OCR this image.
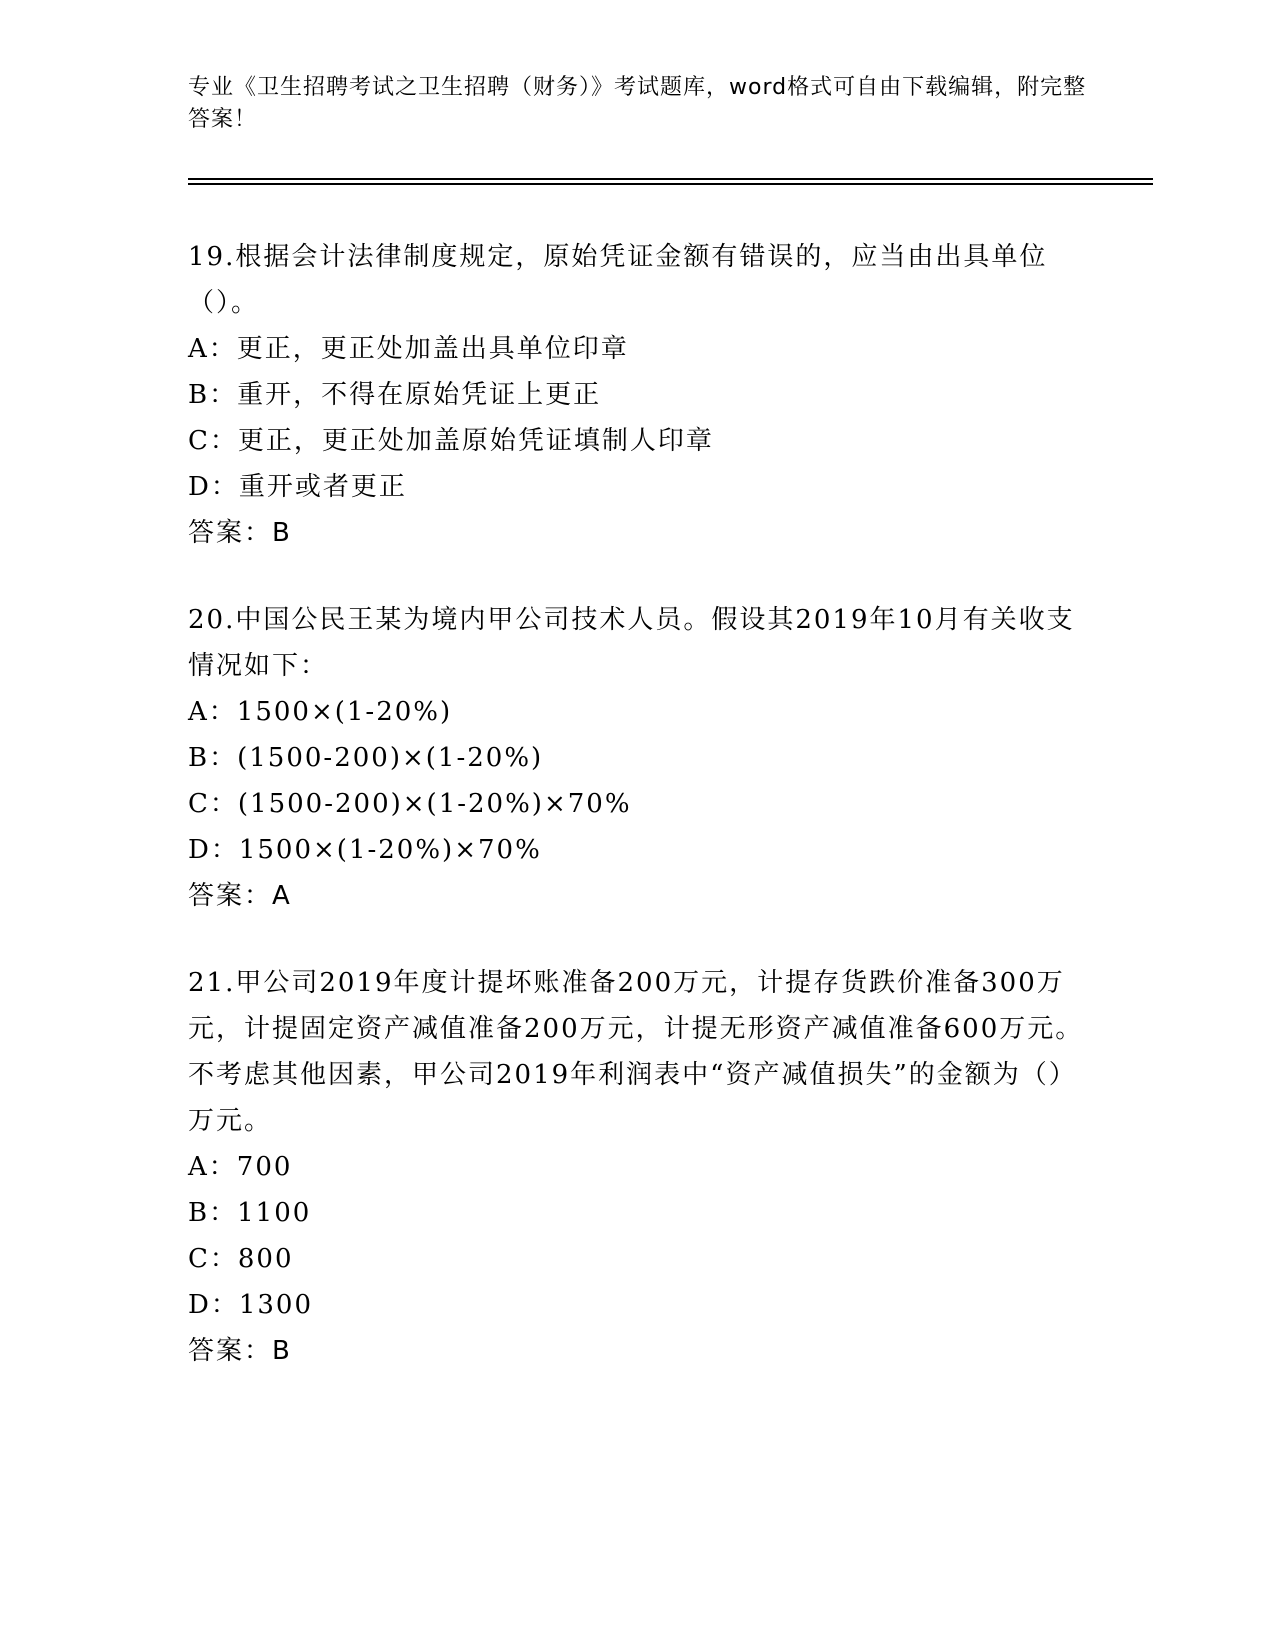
专业《卫生招聘考试之卫生招聘（财务）》考试题库，word格式可自由下载编辑，附完整答案！
19.根据会计法律制度规定，原始凭证金额有错误的，应当由出具单位（）。
A：更正，更正处加盖出具单位印章
B：重开，不得在原始凭证上更正
C：更正，更正处加盖原始凭证填制人印章
D：重开或者更正
答案：B
20.中国公民王某为境内甲公司技术人员。假设其2019年10月有关收支情况如下：
A：1500×(1-20%)
B：(1500-200)×(1-20%)
C：(1500-200)×(1-20%)×70%
D：1500×(1-20%)×70%
答案：A
21.甲公司2019年度计提坏账准备200万元，计提存货跌价准备300万元，计提固定资产减值准备200万元，计提无形资产减值准备600万元。不考虑其他因素，甲公司2019年利润表中“资产减值损失”的金额为（）万元。
A：700
B：1100
C：800
D：1300
答案：B
